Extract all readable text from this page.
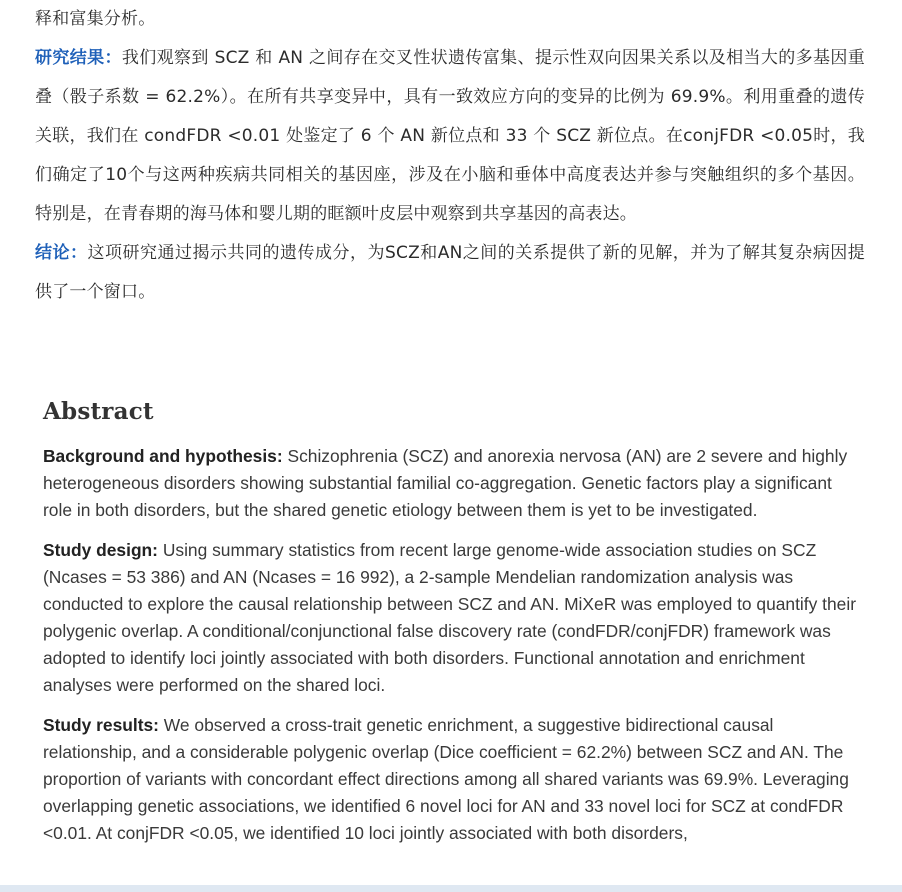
释和富集分析。

研究结果：我们观察到 SCZ 和 AN 之间存在交叉性状遗传富集、提示性双向因果关系以及相当大的多基因重叠（骰子系数 = 62.2%）。在所有共享变异中，具有一致效应方向的变异的比例为 69.9%。利用重叠的遗传关联，我们在 condFDR <0.01 处鉴定了 6 个 AN 新位点和 33 个 SCZ 新位点。在conjFDR <0.05时，我们确定了10个与这两种疾病共同相关的基因座，涉及在小脑和垂体中高度表达并参与突触组织的多个基因。特别是，在青春期的海马体和婴儿期的眶额叶皮层中观察到共享基因的高表达。

结论：这项研究通过揭示共同的遗传成分，为SCZ和AN之间的关系提供了新的见解，并为了解其复杂病因提供了一个窗口。

Abstract

Background and hypothesis: Schizophrenia (SCZ) and anorexia nervosa (AN) are 2 severe and highly heterogeneous disorders showing substantial familial co-aggregation. Genetic factors play a significant role in both disorders, but the shared genetic etiology between them is yet to be investigated.

Study design: Using summary statistics from recent large genome-wide association studies on SCZ (Ncases = 53 386) and AN (Ncases = 16 992), a 2-sample Mendelian randomization analysis was conducted to explore the causal relationship between SCZ and AN. MiXeR was employed to quantify their polygenic overlap. A conditional/conjunctional false discovery rate (condFDR/conjFDR) framework was adopted to identify loci jointly associated with both disorders. Functional annotation and enrichment analyses were performed on the shared loci.

Study results: We observed a cross-trait genetic enrichment, a suggestive bidirectional causal relationship, and a considerable polygenic overlap (Dice coefficient = 62.2%) between SCZ and AN. The proportion of variants with concordant effect directions among all shared variants was 69.9%. Leveraging overlapping genetic associations, we identified 6 novel loci for AN and 33 novel loci for SCZ at condFDR <0.01. At conjFDR <0.05, we identified 10 loci jointly associated with both disorders,
